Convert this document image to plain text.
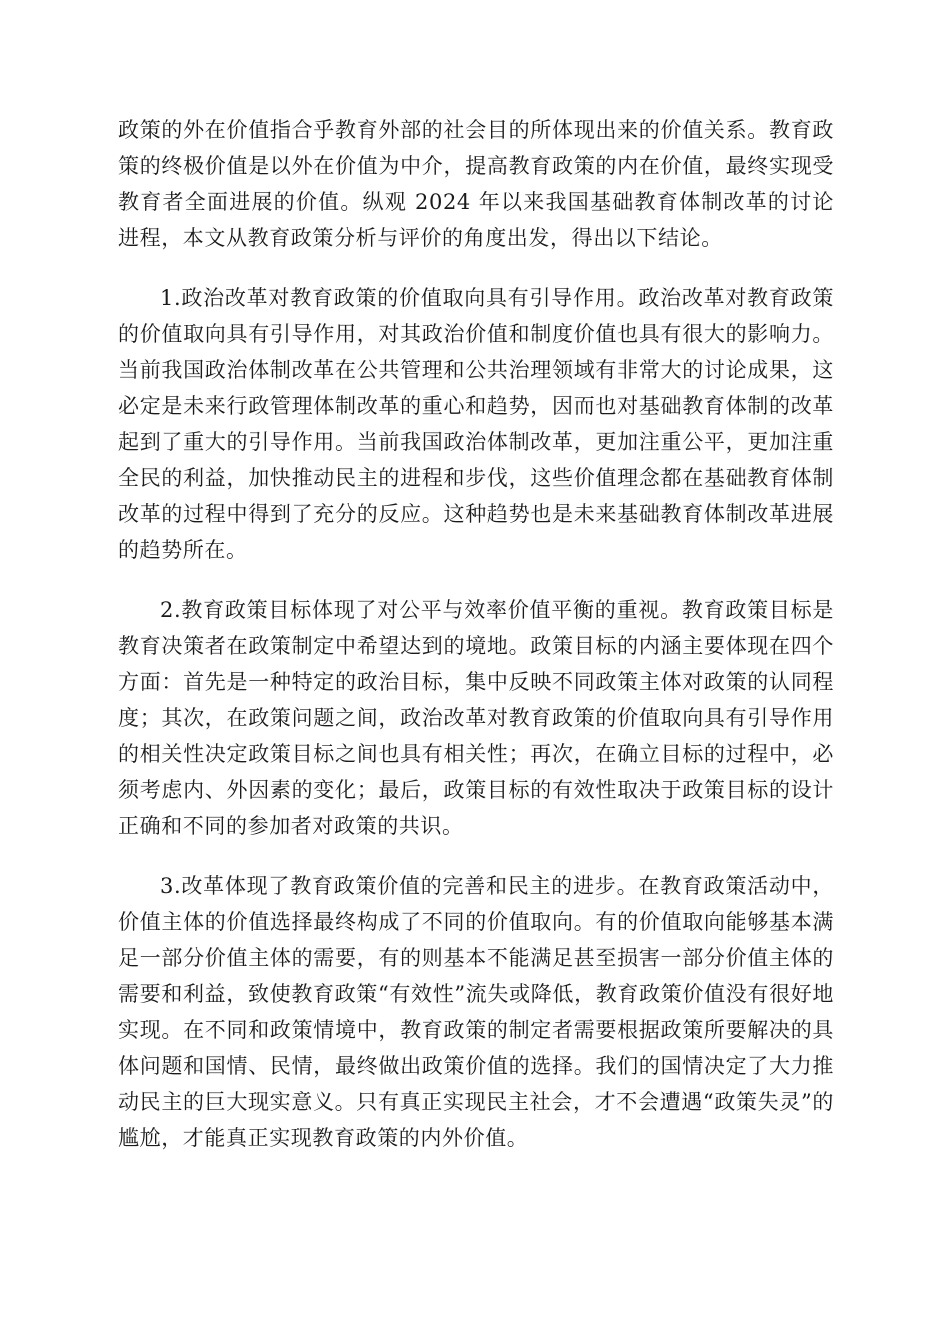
政策的外在价值指合乎教育外部的社会目的所体现出来的价值关系。教育政策的终极价值是以外在价值为中介，提高教育政策的内在价值，最终实现受教育者全面进展的价值。纵观 2024 年以来我国基础教育体制改革的讨论进程，本文从教育政策分析与评价的角度出发，得出以下结论。

1.政治改革对教育政策的价值取向具有引导作用。政治改革对教育政策的价值取向具有引导作用，对其政治价值和制度价值也具有很大的影响力。当前我国政治体制改革在公共管理和公共治理领域有非常大的讨论成果，这必定是未来行政管理体制改革的重心和趋势，因而也对基础教育体制的改革起到了重大的引导作用。当前我国政治体制改革，更加注重公平，更加注重全民的利益，加快推动民主的进程和步伐，这些价值理念都在基础教育体制改革的过程中得到了充分的反应。这种趋势也是未来基础教育体制改革进展的趋势所在。

2.教育政策目标体现了对公平与效率价值平衡的重视。教育政策目标是教育决策者在政策制定中希望达到的境地。政策目标的内涵主要体现在四个方面：首先是一种特定的政治目标，集中反映不同政策主体对政策的认同程度；其次，在政策问题之间，政治改革对教育政策的价值取向具有引导作用的相关性决定政策目标之间也具有相关性；再次，在确立目标的过程中，必须考虑内、外因素的变化；最后，政策目标的有效性取决于政策目标的设计正确和不同的参加者对政策的共识。

3.改革体现了教育政策价值的完善和民主的进步。在教育政策活动中，价值主体的价值选择最终构成了不同的价值取向。有的价值取向能够基本满足一部分价值主体的需要，有的则基本不能满足甚至损害一部分价值主体的需要和利益，致使教育政策“有效性”流失或降低，教育政策价值没有很好地实现。在不同和政策情境中，教育政策的制定者需要根据政策所要解决的具体问题和国情、民情，最终做出政策价值的选择。我们的国情决定了大力推动民主的巨大现实意义。只有真正实现民主社会，才不会遭遇“政策失灵”的尴尬，才能真正实现教育政策的内外价值。
